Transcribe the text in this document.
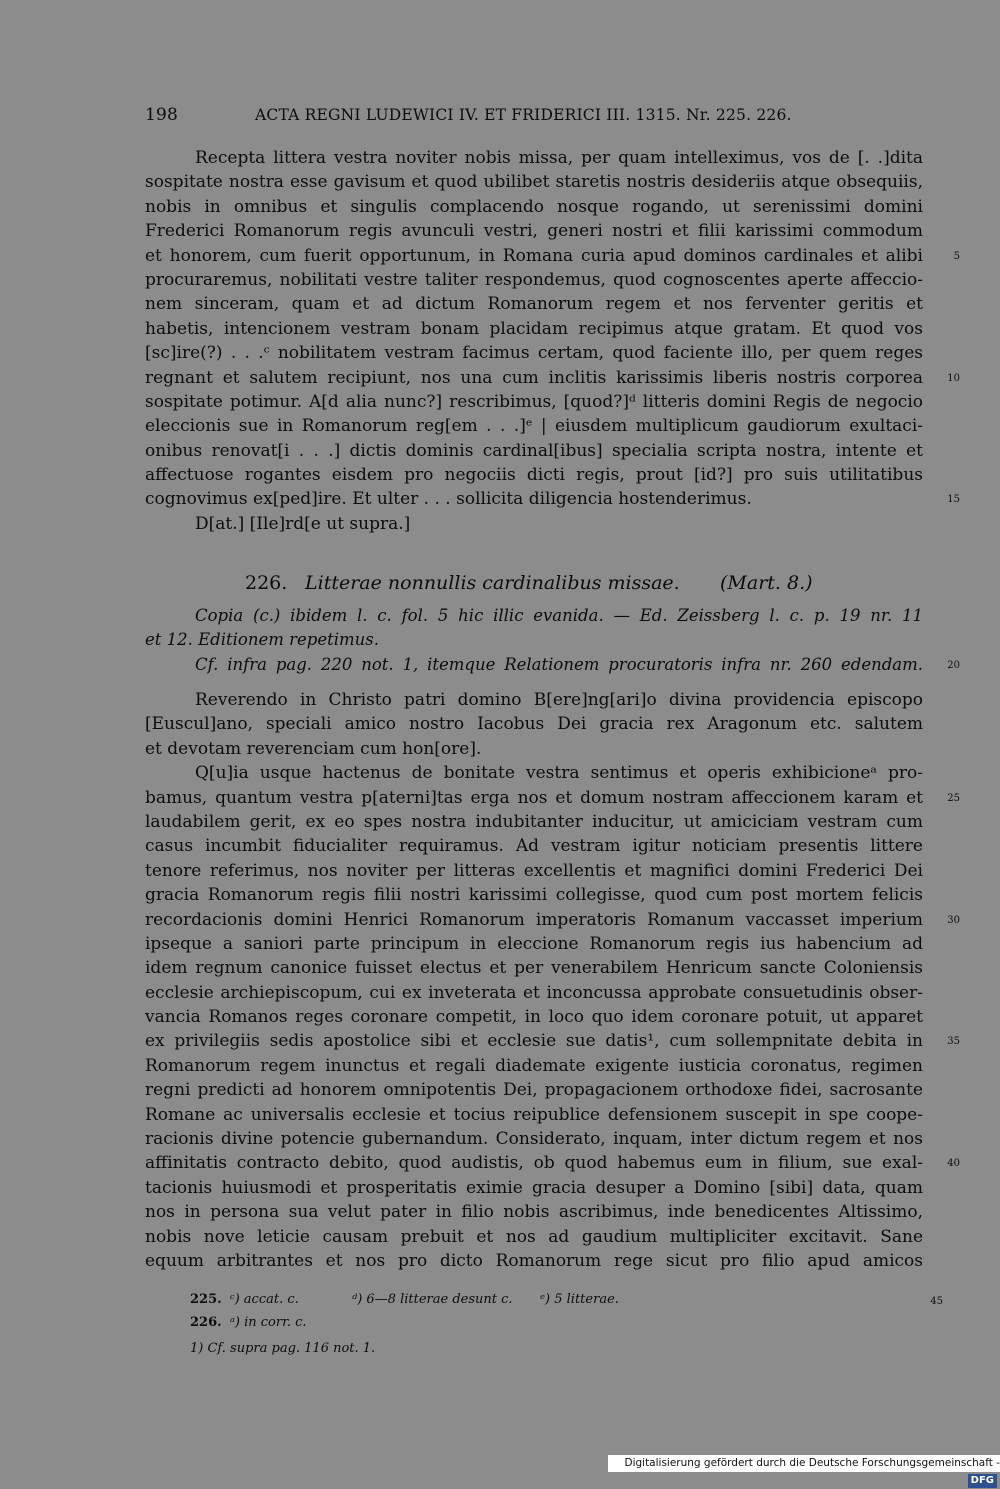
198	ACTA REGNI LUDEWICI IV. ET FRIDERICI III. 1315. Nr. 225. 226.
Recepta littera vestra noviter nobis missa, per quam intelleximus, vos de [. .]dita
sospitate nostra esse gavisum et quod ubilibet staretis nostris desideriis atque obsequiis,
nobis in omnibus et singulis complacendo nosque rogando, ut serenissimi domini
Frederici Romanorum regis avunculi vestri, generi nostri et filii karissimi commodum
et honorem, cum fuerit opportunum, in Romana curia apud dominos cardinales et alibi	5
procuraremus, nobilitati vestre taliter respondemus, quod cognoscentes aperte affeccio-
nem sinceram, quam et ad dictum Romanorum regem et nos ferventer geritis et
habetis, intencionem vestram bonam placidam recipimus atque gratam. Et quod vos
[sc]ire(?) . . .ᶜ nobilitatem vestram facimus certam, quod faciente illo, per quem reges
regnant et salutem recipiunt, nos una cum inclitis karissimis liberis nostris corporea 10
sospitate potimur. A[d alia nunc?] rescribimus, [quod?]ᵈ litteris domini Regis de negocio
eleccionis sue in Romanorum reg[em . . .]ᵉ | eiusdem multiplicum gaudiorum exultaci-
onibus renovat[i . . .] dictis dominis cardinal[ibus] specialia scripta nostra, intente et
affectuose rogantes eisdem pro negociis dicti regis, prout [id?] pro suis utilitatibus
cognovimus ex[ped]ire. Et ulter . . . sollicita diligencia hostenderimus.	15
D[at.] [Ile]rd[e ut supra.]
226. Litterae nonnullis cardinalibus missae. (Mart. 8.)
Copia (c.) ibidem l. c. fol. 5 hic illic evanida. — Ed. Zeissberg l. c. p. 19 nr. 11
et 12. Editionem repetimus.
Cf. infra pag. 220 not. 1, itemque Relationem procuratoris infra nr. 260 edendam. 20
Reverendo in Christo patri domino B[ere]ng[ari]o divina providencia episcopo
[Euscul]ano, speciali amico nostro Iacobus Dei gracia rex Aragonum etc. salutem
et devotam reverenciam cum hon[ore].
Q[u]ia usque hactenus de bonitate vestra sentimus et operis exhibicioneᵃ pro-
bamus, quantum vestra p[aterni]tas erga nos et domum nostram affeccionem karam et 25
laudabilem gerit, ex eo spes nostra indubitanter inducitur, ut amiciciam vestram cum
casus incumbit fiducialiter requiramus. Ad vestram igitur noticiam presentis littere
tenore referimus, nos noviter per litteras excellentis et magnifici domini Frederici Dei
gracia Romanorum regis filii nostri karissimi collegisse, quod cum post mortem felicis
recordacionis domini Henrici Romanorum imperatoris Romanum vaccasset imperium 30
ipseque a saniori parte principum in eleccione Romanorum regis ius habencium ad
idem regnum canonice fuisset electus et per venerabilem Henricum sancte Coloniensis
ecclesie archiepiscopum, cui ex inveterata et inconcussa approbate consuetudinis obser-
vancia Romanos reges coronare competit, in loco quo idem coronare potuit, ut apparet
ex privilegiis sedis apostolice sibi et ecclesie sue datis¹, cum sollempnitate debita in 35
Romanorum regem inunctus et regali diademate exigente iusticia coronatus, regimen
regni predicti ad honorem omnipotentis Dei, propagacionem orthodoxe fidei, sacrosante
Romane ac universalis ecclesie et tocius reipublice defensionem suscepit in spe coope-
racionis divine potencie gubernandum. Considerato, inquam, inter dictum regem et nos
affinitatis contracto debito, quod audistis, ob quod habemus eum in filium, sue exal- 40
tacionis huiusmodi et prosperitatis eximie gracia desuper a Domino [sibi] data, quam
nos in persona sua velut pater in filio nobis ascribimus, inde benedicentes Altissimo,
nobis nove leticie causam prebuit et nos ad gaudium multipliciter excitavit. Sane
equum arbitrantes et nos pro dicto Romanorum rege sicut pro filio apud amicos
225. ᶜ) accat. c.	ᵈ) 6—8 litterae desunt c. ᵉ) 5 litterae.	45
226. ᵃ) in corr. c.
1) Cf. supra pag. 116 not. 1.
Digitalisierung gefördert durch die Deutsche Forschungsgemeinschaft -DFG
